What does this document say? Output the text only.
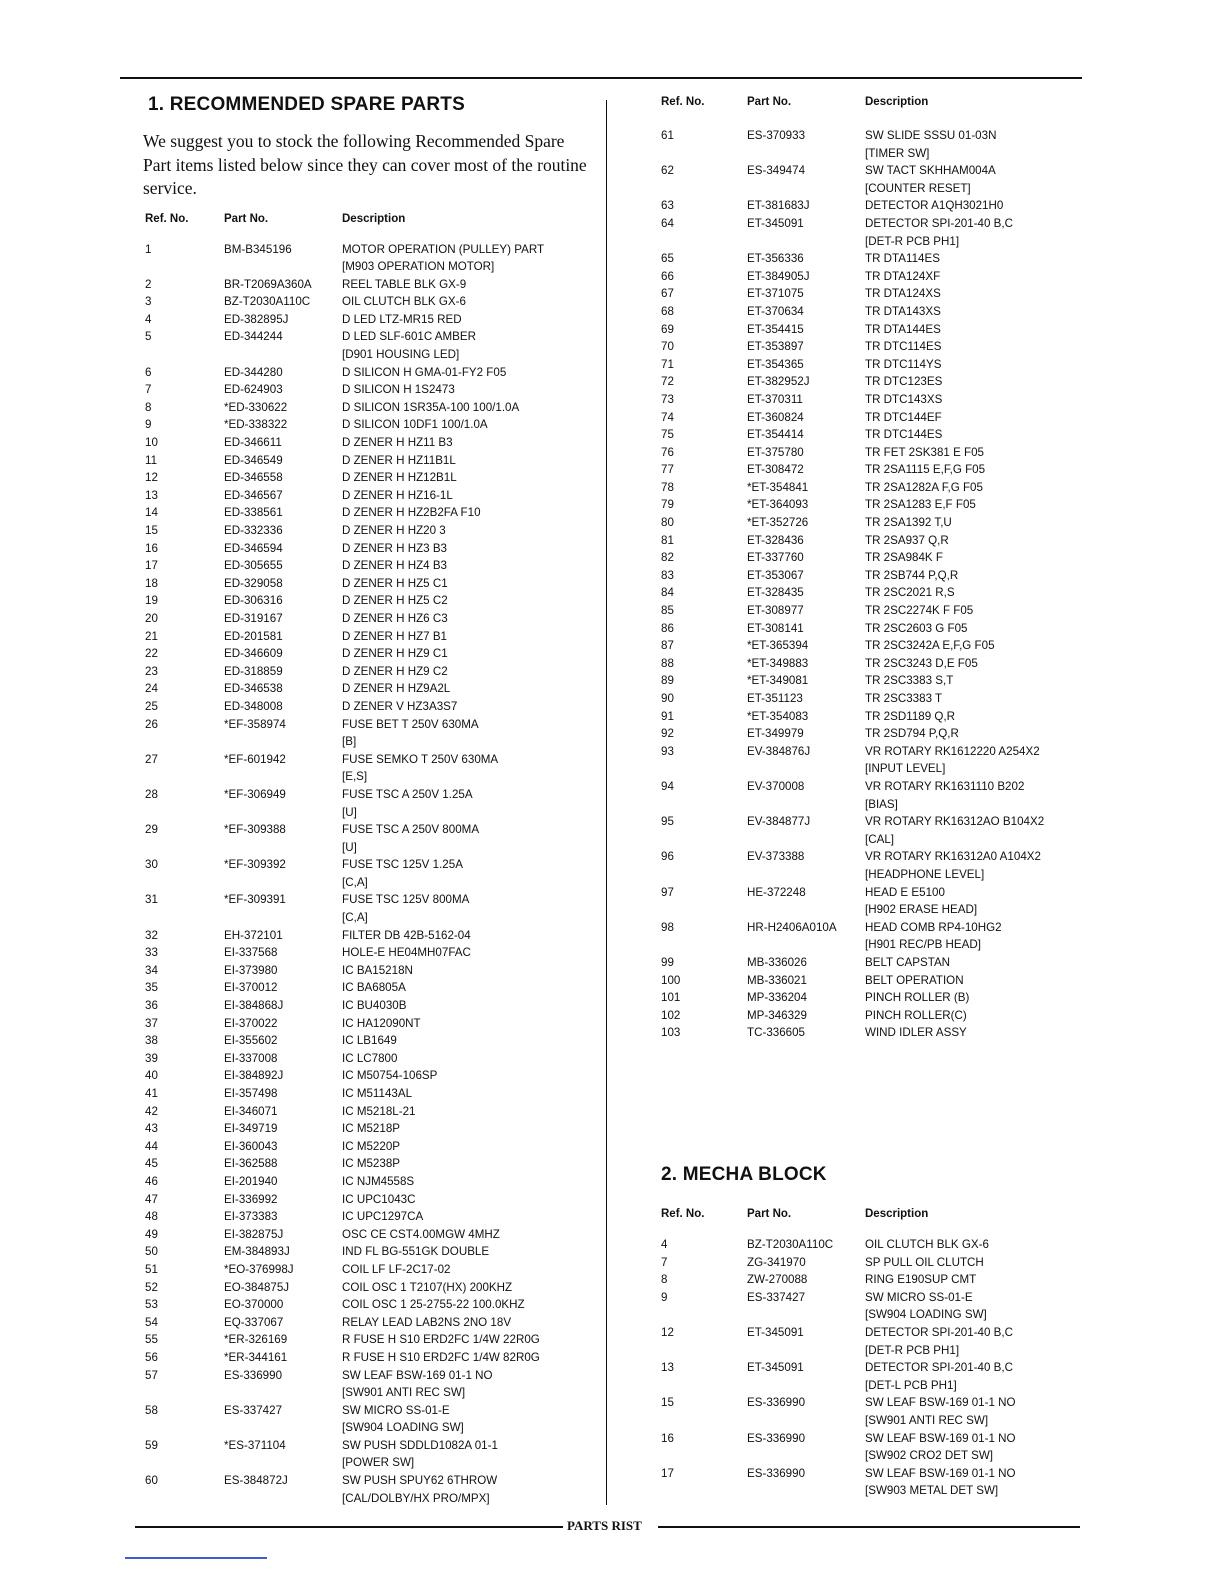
1. RECOMMENDED SPARE PARTS
We suggest you to stock the following Recommended Spare Part items listed below since they can cover most of the routine service.
Ref. No.	Part No.	Description
1	BM-B345196	MOTOR OPERATION (PULLEY) PART
[M903 OPERATION MOTOR]
2	BR-T2069A360A	REEL TABLE BLK GX-9
3	BZ-T2030A110C	OIL CLUTCH BLK GX-6
4	ED-382895J	D LED LTZ-MR15 RED
5	ED-344244	D LED SLF-601C AMBER
[D901 HOUSING LED]
6	ED-344280	D SILICON H GMA-01-FY2 F05
7	ED-624903	D SILICON H 1S2473
8	*ED-330622	D SILICON 1SR35A-100 100/1.0A
9	*ED-338322	D SILICON 10DF1 100/1.0A
10	ED-346611	D ZENER H HZ11 B3
11	ED-346549	D ZENER H HZ11B1L
12	ED-346558	D ZENER H HZ12B1L
13	ED-346567	D ZENER H HZ16-1L
14	ED-338561	D ZENER H HZ2B2FA F10
15	ED-332336	D ZENER H HZ20 3
16	ED-346594	D ZENER H HZ3 B3
17	ED-305655	D ZENER H HZ4 B3
18	ED-329058	D ZENER H HZ5 C1
19	ED-306316	D ZENER H HZ5 C2
20	ED-319167	D ZENER H HZ6 C3
21	ED-201581	D ZENER H HZ7 B1
22	ED-346609	D ZENER H HZ9 C1
23	ED-318859	D ZENER H HZ9 C2
24	ED-346538	D ZENER H HZ9A2L
25	ED-348008	D ZENER V HZ3A3S7
26	*EF-358974	FUSE BET T 250V 630MA
[B]
27	*EF-601942	FUSE SEMKO T 250V 630MA
[E,S]
28	*EF-306949	FUSE TSC A 250V 1.25A
[U]
29	*EF-309388	FUSE TSC A 250V 800MA
[U]
30	*EF-309392	FUSE TSC 125V 1.25A
[C,A]
31	*EF-309391	FUSE TSC 125V 800MA
[C,A]
32	EH-372101	FILTER DB 42B-5162-04
33	EI-337568	HOLE-E HE04MH07FAC
34	EI-373980	IC BA15218N
35	EI-370012	IC BA6805A
36	EI-384868J	IC BU4030B
37	EI-370022	IC HA12090NT
38	EI-355602	IC LB1649
39	EI-337008	IC LC7800
40	EI-384892J	IC M50754-106SP
41	EI-357498	IC M51143AL
42	EI-346071	IC M5218L-21
43	EI-349719	IC M5218P
44	EI-360043	IC M5220P
45	EI-362588	IC M5238P
46	EI-201940	IC NJM4558S
47	EI-336992	IC UPC1043C
48	EI-373383	IC UPC1297CA
49	EI-382875J	OSC CE CST4.00MGW 4MHZ
50	EM-384893J	IND FL BG-551GK DOUBLE
51	*EO-376998J	COIL LF LF-2C17-02
52	EO-384875J	COIL OSC 1 T2107(HX) 200KHZ
53	EO-370000	COIL OSC 1 25-2755-22 100.0KHZ
54	EQ-337067	RELAY LEAD LAB2NS 2NO 18V
55	*ER-326169	R FUSE H S10 ERD2FC 1/4W 22R0G
56	*ER-344161	R FUSE H S10 ERD2FC 1/4W 82R0G
57	ES-336990	SW LEAF BSW-169 01-1 NO
[SW901 ANTI REC SW]
58	ES-337427	SW MICRO SS-01-E
[SW904 LOADING SW]
59	*ES-371104	SW PUSH SDDLD1082A 01-1
[POWER SW]
60	ES-384872J	SW PUSH SPUY62 6THROW
[CAL/DOLBY/HX PRO/MPX]
Ref. No.	Part No.	Description
61	ES-370933	SW SLIDE SSSU 01-03N
[TIMER SW]
62	ES-349474	SW TACT SKHHAM004A
[COUNTER RESET]
63	ET-381683J	DETECTOR A1QH3021H0
64	ET-345091	DETECTOR SPI-201-40 B,C
[DET-R PCB PH1]
65	ET-356336	TR DTA114ES
66	ET-384905J	TR DTA124XF
67	ET-371075	TR DTA124XS
68	ET-370634	TR DTA143XS
69	ET-354415	TR DTA144ES
70	ET-353897	TR DTC114ES
71	ET-354365	TR DTC114YS
72	ET-382952J	TR DTC123ES
73	ET-370311	TR DTC143XS
74	ET-360824	TR DTC144EF
75	ET-354414	TR DTC144ES
76	ET-375780	TR FET 2SK381 E F05
77	ET-308472	TR 2SA1115 E,F,G F05
78	*ET-354841	TR 2SA1282A F,G F05
79	*ET-364093	TR 2SA1283 E,F F05
80	*ET-352726	TR 2SA1392 T,U
81	ET-328436	TR 2SA937 Q,R
82	ET-337760	TR 2SA984K F
83	ET-353067	TR 2SB744 P,Q,R
84	ET-328435	TR 2SC2021 R,S
85	ET-308977	TR 2SC2274K F F05
86	ET-308141	TR 2SC2603 G F05
87	*ET-365394	TR 2SC3242A E,F,G F05
88	*ET-349883	TR 2SC3243 D,E F05
89	*ET-349081	TR 2SC3383 S,T
90	ET-351123	TR 2SC3383 T
91	*ET-354083	TR 2SD1189 Q,R
92	ET-349979	TR 2SD794 P,Q,R
93	EV-384876J	VR ROTARY RK1612220 A254X2
[INPUT LEVEL]
94	EV-370008	VR ROTARY RK1631110 B202
[BIAS]
95	EV-384877J	VR ROTARY RK16312AO B104X2
[CAL]
96	EV-373388	VR ROTARY RK16312A0 A104X2
[HEADPHONE LEVEL]
97	HE-372248	HEAD E E5100
[H902 ERASE HEAD]
98	HR-H2406A010A	HEAD COMB RP4-10HG2
[H901 REC/PB HEAD]
99	MB-336026	BELT CAPSTAN
100	MB-336021	BELT OPERATION
101	MP-336204	PINCH ROLLER (B)
102	MP-346329	PINCH ROLLER(C)
103	TC-336605	WIND IDLER ASSY
2. MECHA BLOCK
Ref. No.	Part No.	Description
4	BZ-T2030A110C	OIL CLUTCH BLK GX-6
7	ZG-341970	SP PULL OIL CLUTCH
8	ZW-270088	RING E190SUP CMT
9	ES-337427	SW MICRO SS-01-E
[SW904 LOADING SW]
12	ET-345091	DETECTOR SPI-201-40 B,C
[DET-R PCB PH1]
13	ET-345091	DETECTOR SPI-201-40 B,C
[DET-L PCB PH1]
15	ES-336990	SW LEAF BSW-169 01-1 NO
[SW901 ANTI REC SW]
16	ES-336990	SW LEAF BSW-169 01-1 NO
[SW902 CRO2 DET SW]
17	ES-336990	SW LEAF BSW-169 01-1 NO
[SW903 METAL DET SW]
PARTS RIST
